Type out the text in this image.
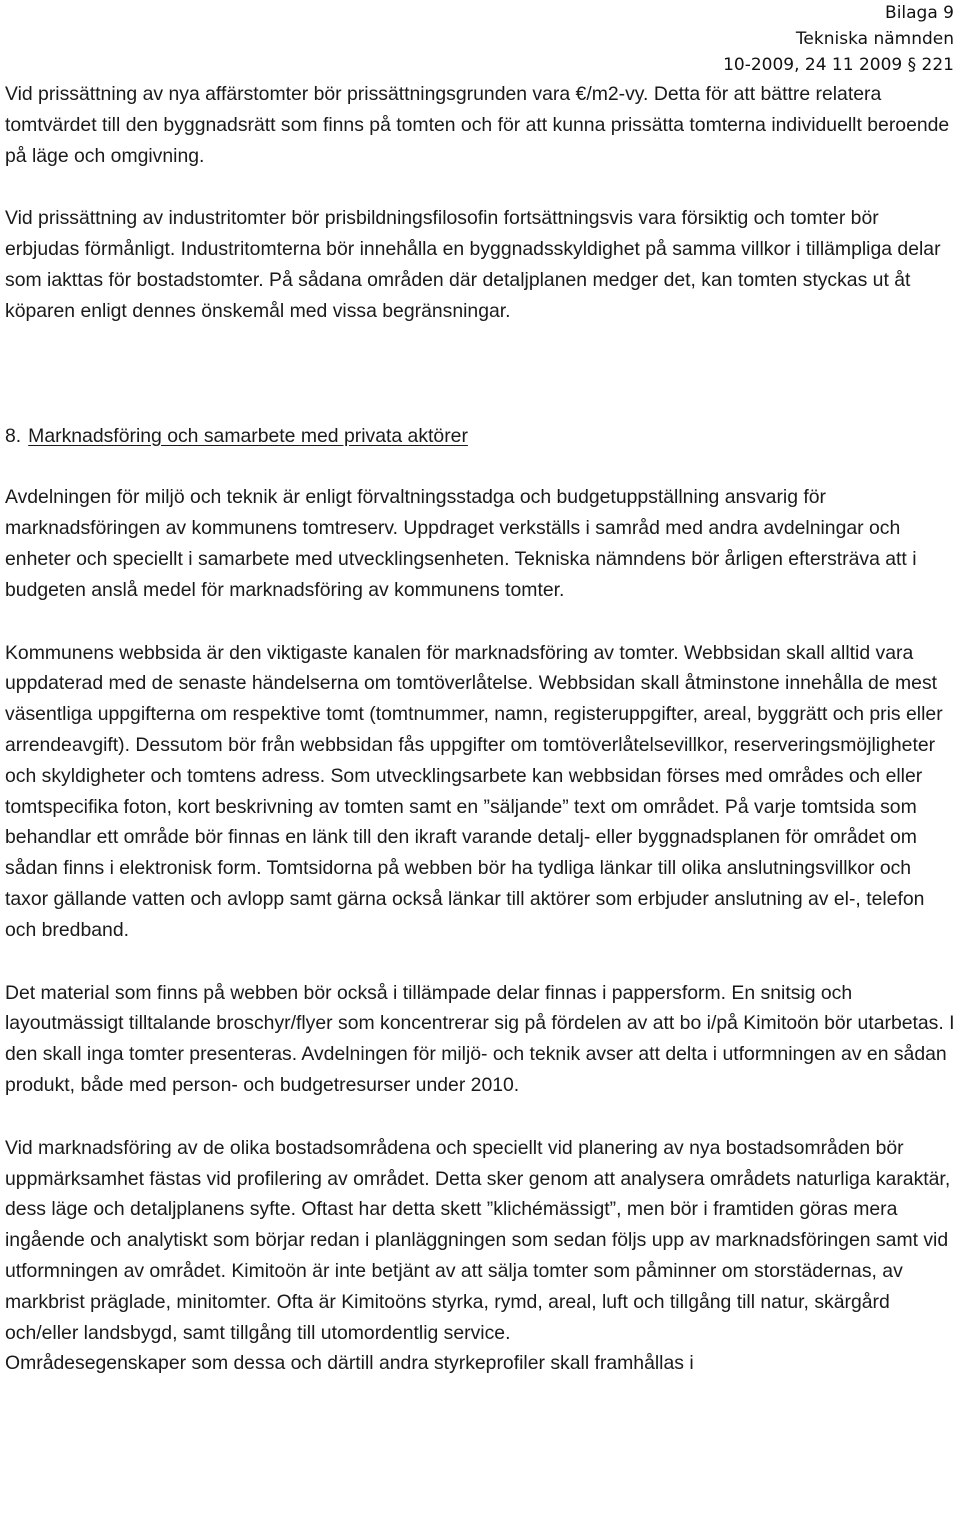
Bilaga 9
Tekniska nämnden
10-2009, 24 11 2009 § 221

Vid prissättning av nya affärstomter bör prissättningsgrunden vara €/m2-vy. Detta för att bättre relatera tomtvärdet till den byggnadsrätt som finns på tomten och för att kunna prissätta tomterna individuellt beroende på läge och omgivning.

Vid prissättning av industritomter bör prisbildningsfilosofin fortsättningsvis vara försiktig och tomter bör erbjudas förmånligt. Industritomterna bör innehålla en byggnadsskyldighet på samma villkor i tillämpliga delar som iakttas för bostadstomter. På sådana områden där detaljplanen medger det, kan tomten styckas ut åt köparen enligt dennes önskemål med vissa begränsningar.

8. Marknadsföring och samarbete med privata aktörer

Avdelningen för miljö och teknik är enligt förvaltningsstadga och budgetuppställning ansvarig för marknadsföringen av kommunens tomtreserv. Uppdraget verkställs i samråd med andra avdelningar och enheter och speciellt i samarbete med utvecklingsenheten. Tekniska nämndens bör årligen eftersträva att i budgeten anslå medel för marknadsföring av kommunens tomter.

Kommunens webbsida är den viktigaste kanalen för marknadsföring av tomter. Webbsidan skall alltid vara uppdaterad med de senaste händelserna om tomtöverlåtelse. Webbsidan skall åtminstone innehålla de mest väsentliga uppgifterna om respektive tomt (tomtnummer, namn, registeruppgifter, areal, byggrätt och pris eller arrendeavgift). Dessutom bör från webbsidan fås uppgifter om tomtöverlåtelsevillkor, reserveringsmöjligheter och skyldigheter och tomtens adress. Som utvecklingsarbete kan webbsidan förses med områdes och eller tomtspecifika foton, kort beskrivning av tomten samt en ”säljande” text om området. På varje tomtsida som behandlar ett område bör finnas en länk till den ikraft varande detalj- eller byggnadsplanen för området om sådan finns i elektronisk form. Tomtsidorna på webben bör ha tydliga länkar till olika anslutningsvillkor och taxor gällande vatten och avlopp samt gärna också länkar till aktörer som erbjuder anslutning av el-, telefon och bredband.

Det material som finns på webben bör också i tillämpade delar finnas i pappersform. En snitsig och layoutmässigt tilltalande broschyr/flyer som koncentrerar sig på fördelen av att bo i/på Kimitoön bör utarbetas. I den skall inga tomter presenteras. Avdelningen för miljö- och teknik avser att delta i utformningen av en sådan produkt, både med person- och budgetresurser under 2010.

Vid marknadsföring av de olika bostadsområdena och speciellt vid planering av nya bostadsområden bör uppmärksamhet fästas vid profilering av området. Detta sker genom att analysera områdets naturliga karaktär, dess läge och detaljplanens syfte. Oftast har detta skett ”klichémässigt”, men bör i framtiden göras mera ingående och analytiskt som börjar redan i planläggningen som sedan följs upp av marknadsföringen samt vid utformningen av området. Kimitoön är inte betjänt av att sälja tomter som påminner om storstädernas, av markbrist präglade, minitomter. Ofta är Kimitoöns styrka, rymd, areal, luft och tillgång till natur, skärgård och/eller landsbygd, samt tillgång till utomordentlig service.

Områdesegenskaper som dessa och därtill andra styrkeprofiler skall framhållas i
